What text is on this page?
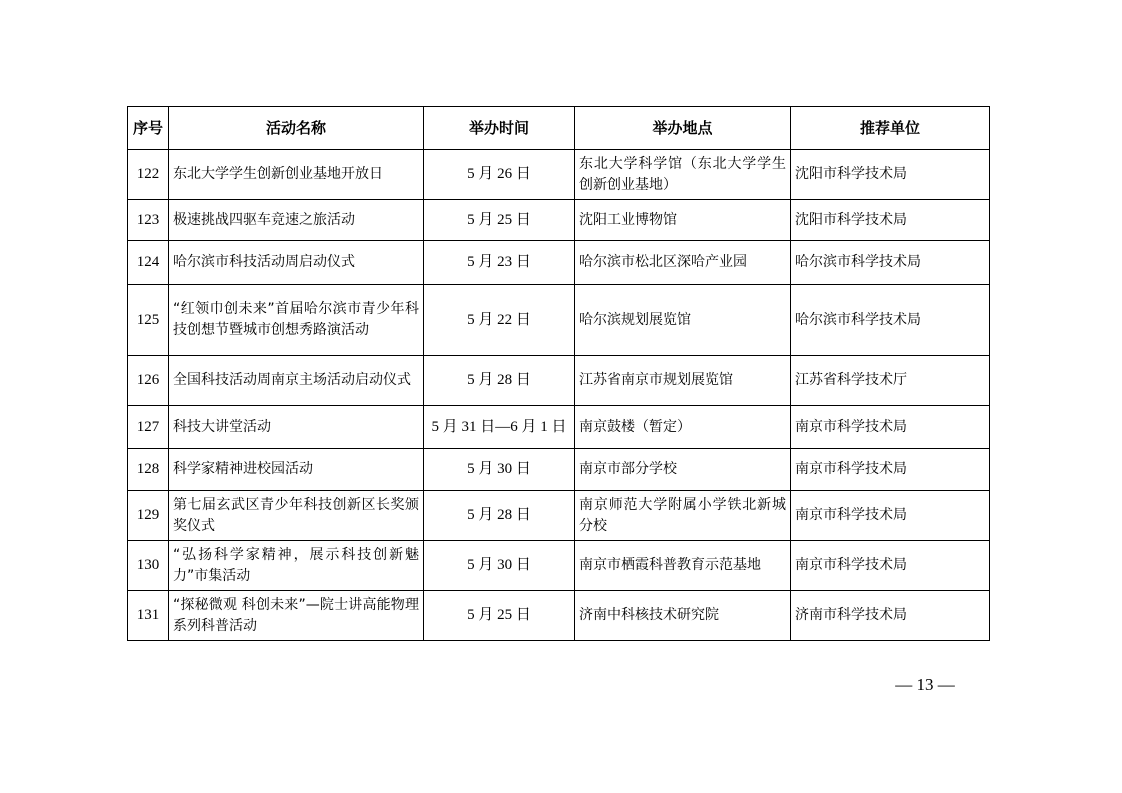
序号	活动名称	举办时间	举办地点	推荐单位
122	东北大学学生创新创业基地开放日	5 月 26 日	东北大学科学馆（东北大学学生创新创业基地）	沈阳市科学技术局
123	极速挑战四驱车竞速之旅活动	5 月 25 日	沈阳工业博物馆	沈阳市科学技术局
124	哈尔滨市科技活动周启动仪式	5 月 23 日	哈尔滨市松北区深哈产业园	哈尔滨市科学技术局
125	“红领巾创未来”首届哈尔滨市青少年科技创想节暨城市创想秀路演活动	5 月 22 日	哈尔滨规划展览馆	哈尔滨市科学技术局
126	全国科技活动周南京主场活动启动仪式	5 月 28 日	江苏省南京市规划展览馆	江苏省科学技术厅
127	科技大讲堂活动	5 月 31 日—6 月 1 日	南京鼓楼（暂定）	南京市科学技术局
128	科学家精神进校园活动	5 月 30 日	南京市部分学校	南京市科学技术局
129	第七届玄武区青少年科技创新区长奖颁奖仪式	5 月 28 日	南京师范大学附属小学铁北新城分校	南京市科学技术局
130	“弘扬科学家精神，展示科技创新魅力”市集活动	5 月 30 日	南京市栖霞科普教育示范基地	南京市科学技术局
131	“探秘微观 科创未来”—院士讲高能物理系列科普活动	5 月 25 日	济南中科核技术研究院	济南市科学技术局
— 13 —
